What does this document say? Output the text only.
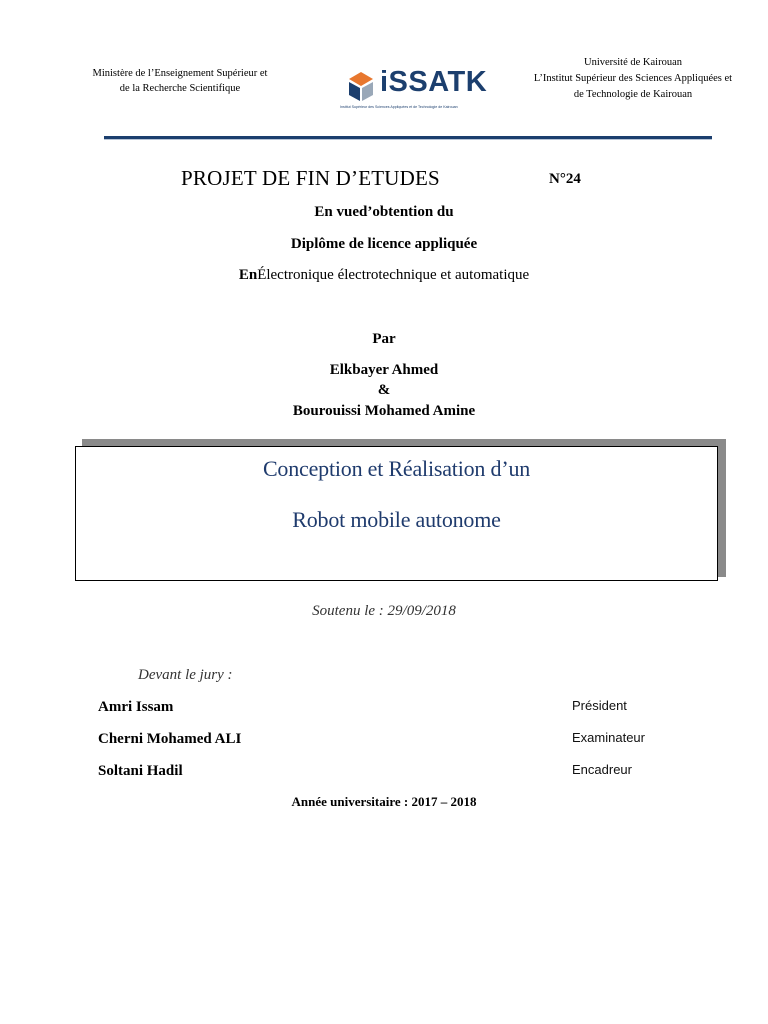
Ministère de l’Enseignement Supérieur et
de la Recherche Scientifique	iSSATK
Institut Supérieur des Sciences Appliquées et de Technologie de Kairouan
Université de Kairouan
L’Institut Supérieur des Sciences Appliquées et
de Technologie de Kairouan
PROJET DE FIN D’ETUDES	N°24
En vued’obtention du
Diplôme de licence appliquée
EnÉlectronique électrotechnique et automatique
Par
Elkbayer Ahmed
&
Bourouissi Mohamed Amine
Conception et Réalisation d’un
Robot mobile autonome
Soutenu le : 29/09/2018
Devant le jury :
Amri Issam	Président
Cherni Mohamed ALI	Examinateur
Soltani Hadil	Encadreur
Année universitaire : 2017 – 2018
